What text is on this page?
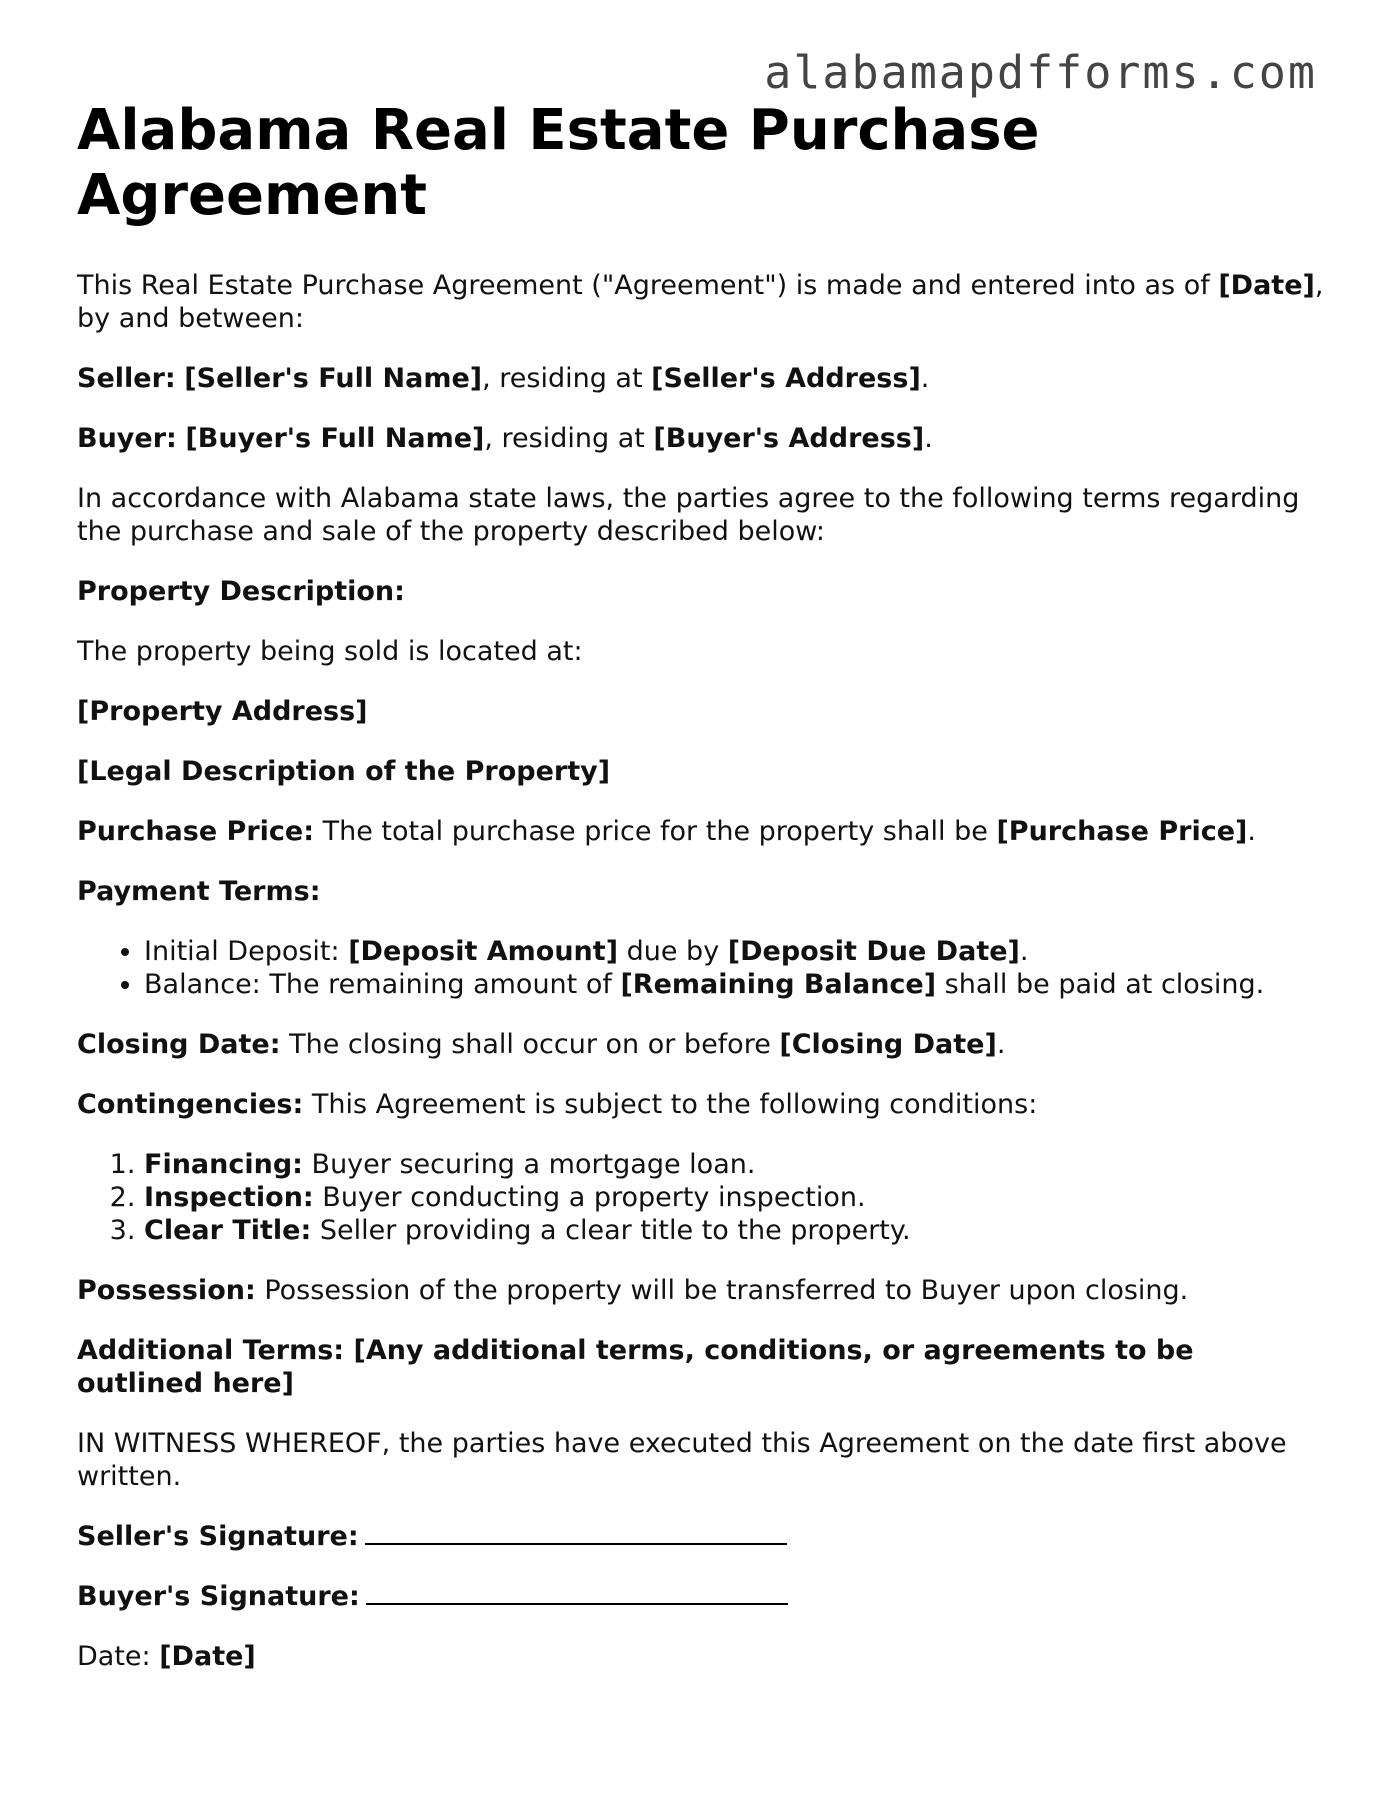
alabamapdfforms.com
Alabama Real Estate Purchase Agreement

This Real Estate Purchase Agreement ("Agreement") is made and entered into as of [Date], by and between:

Seller: [Seller's Full Name], residing at [Seller's Address].

Buyer: [Buyer's Full Name], residing at [Buyer's Address].

In accordance with Alabama state laws, the parties agree to the following terms regarding the purchase and sale of the property described below:

Property Description:

The property being sold is located at:

[Property Address]

[Legal Description of the Property]

Purchase Price: The total purchase price for the property shall be [Purchase Price].

Payment Terms:

• Initial Deposit: [Deposit Amount] due by [Deposit Due Date].
• Balance: The remaining amount of [Remaining Balance] shall be paid at closing.

Closing Date: The closing shall occur on or before [Closing Date].

Contingencies: This Agreement is subject to the following conditions:

1. Financing: Buyer securing a mortgage loan.
2. Inspection: Buyer conducting a property inspection.
3. Clear Title: Seller providing a clear title to the property.

Possession: Possession of the property will be transferred to Buyer upon closing.

Additional Terms: [Any additional terms, conditions, or agreements to be outlined here]

IN WITNESS WHEREOF, the parties have executed this Agreement on the date first above written.

Seller's Signature:

Buyer's Signature:

Date: [Date]
